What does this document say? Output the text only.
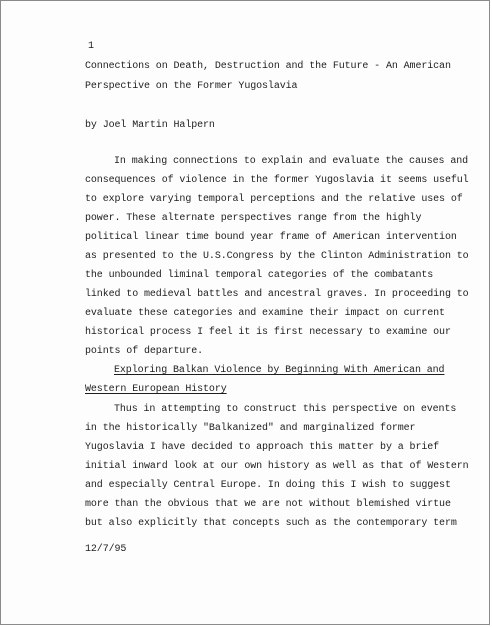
1
Connections on Death, Destruction and the Future - An American
Perspective on the Former Yugoslavia
by Joel Martin Halpern
In making connections to explain and evaluate the causes and
consequences of violence in the former Yugoslavia it seems useful
to explore varying temporal perceptions and the relative uses of
power. These alternate perspectives range from the highly
political linear time bound year frame of American intervention
as presented to the U.S.Congress by the Clinton Administration to
the unbounded liminal temporal categories of the combatants
linked to medieval battles and ancestral graves. In proceeding to
evaluate these categories and examine their impact on current
historical process I feel it is first necessary to examine our
points of departure.
Exploring Balkan Violence by Beginning With American and
Western European History
Thus in attempting to construct this perspective on events
in the historically "Balkanized" and marginalized former
Yugoslavia I have decided to approach this matter by a brief
initial inward look at our own history as well as that of Western
and especially Central Europe. In doing this I wish to suggest
more than the obvious that we are not without blemished virtue
but also explicitly that concepts such as the contemporary term
12/7/95
